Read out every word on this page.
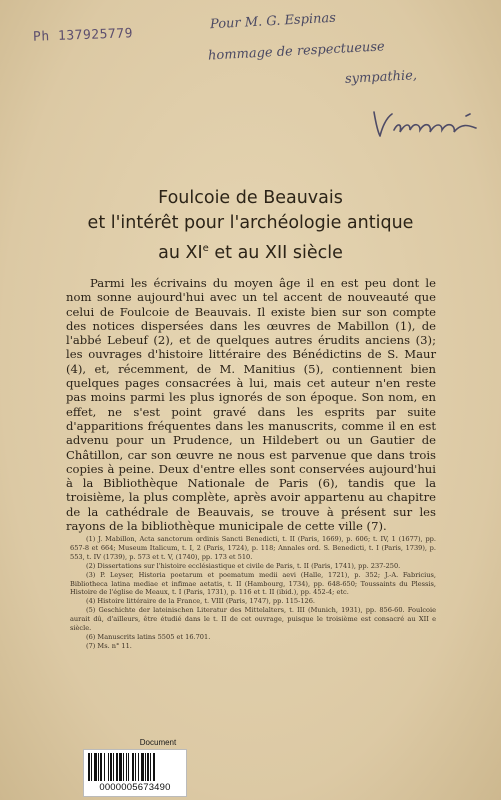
Ph 137925779
Pour M. G. Espinas
hommage de respectueuse
sympathie,
Foulcoie de Beauvais
et l'intérêt pour l'archéologie antique
au XIe et au XII siècle

Parmi les écrivains du moyen âge il en est peu dont le nom sonne aujourd'hui avec un tel accent de nouveauté que celui de Foulcoie de Beauvais. Il existe bien sur son compte des notices dispersées dans les œuvres de Mabillon (1), de l'abbé Lebeuf (2), et de quelques autres érudits anciens (3); les ouvrages d'histoire littéraire des Bénédictins de S. Maur (4), et, récemment, de M. Manitius (5), contiennent bien quelques pages consacrées à lui, mais cet auteur n'en reste pas moins parmi les plus ignorés de son époque. Son nom, en effet, ne s'est point gravé dans les esprits par suite d'apparitions fréquentes dans les manuscrits, comme il en est advenu pour un Prudence, un Hildebert ou un Gautier de Châtillon, car son œuvre ne nous est parvenue que dans trois copies à peine. Deux d'entre elles sont conservées aujourd'hui à la Bibliothèque Nationale de Paris (6), tandis que la troisième, la plus complète, après avoir appartenu au chapitre de la cathédrale de Beauvais, se trouve à présent sur les rayons de la bibliothèque municipale de cette ville (7).

(1) J. Mabillon, Acta sanctorum ordinis Sancti Benedicti, t. II (Paris, 1669), p. 606; t. IV, 1 (1677), pp. 657-8 et 664; Museum Italicum, t. I, 2 (Paris, 1724), p. 118; Annales ord. S. Benedicti, t. I (Paris, 1739), p. 553, t. IV (1739), p. 573 et t. V, (1740), pp. 173 et 510.
(2) Dissertations sur l'histoire ecclésiastique et civile de Paris, t. II (Paris, 1741), pp. 237-250.
(3) P. Leyser, Historia poetarum et poematum medii aevi (Halle, 1721), p. 352; J.-A. Fabricius, Bibliotheca latina mediae et infimae aetatis, t. II (Hambourg, 1734), pp. 648-650; Toussaints du Plessis, Histoire de l'église de Meaux, t. I (Paris, 1731), p. 116 et t. II (ibid.), pp. 452-4; etc.
(4) Histoire littéraire de la France, t. VIII (Paris, 1747), pp. 115-126.
(5) Geschichte der lateinischen Literatur des Mittelalters, t. III (Munich, 1931), pp. 856-60. Foulcoie aurait dû, d'ailleurs, être étudié dans le t. II de cet ouvrage, puisque le troisième est consacré au XII e siècle.
(6) Manuscrits latins 5505 et 16.701.
(7) Ms. n° 11.
Document
0000005673490
